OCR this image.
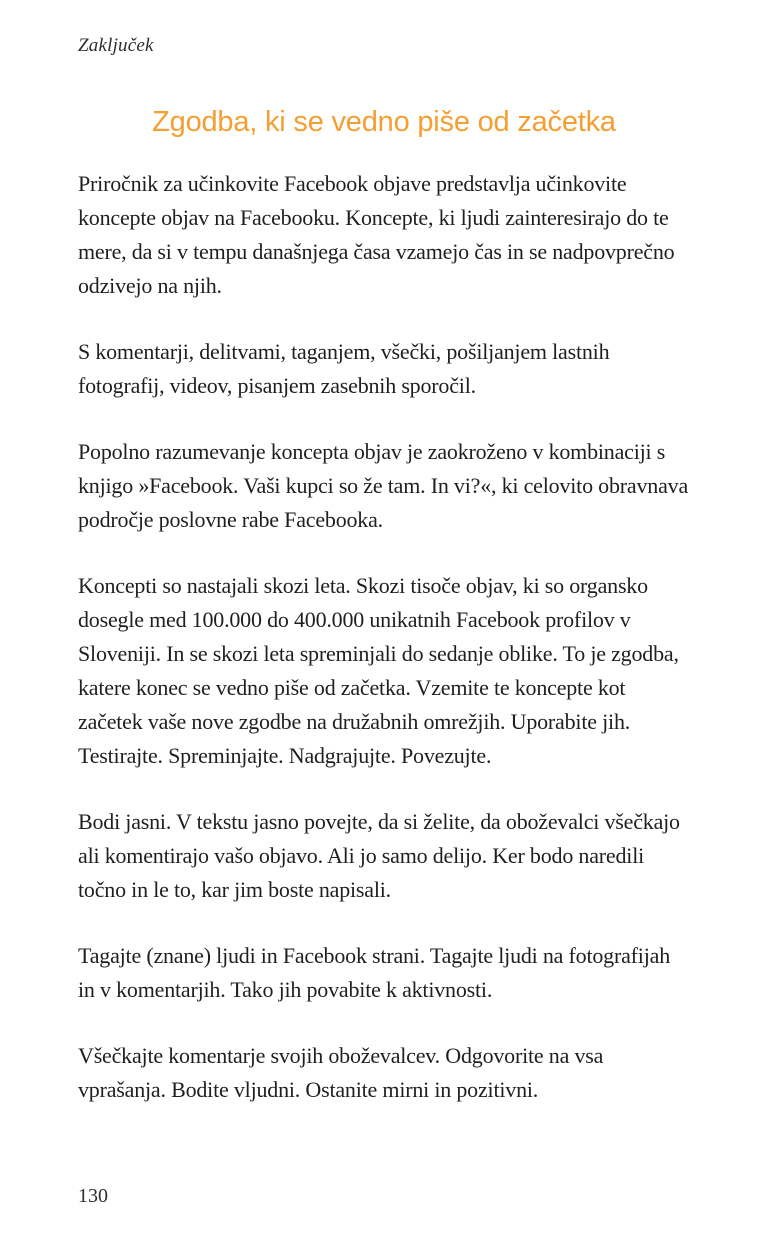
Zaključek
Zgodba, ki se vedno piše od začetka

Priročnik za učinkovite Facebook objave predstavlja učinkovite koncepte objav na Facebooku. Koncepte, ki ljudi zainteresirajo do te mere, da si v tempu današnjega časa vzamejo čas in se nadpovprečno odzivejo na njih.

S komentarji, delitvami, taganjem, všečki, pošiljanjem lastnih fotografij, videov, pisanjem zasebnih sporočil.

Popolno razumevanje koncepta objav je zaokroženo v kombinaciji s knjigo »Facebook. Vaši kupci so že tam. In vi?«, ki celovito obravnava področje poslovne rabe Facebooka.

Koncepti so nastajali skozi leta. Skozi tisoče objav, ki so organsko dosegle med 100.000 do 400.000 unikatnih Facebook profilov v Sloveniji. In se skozi leta spreminjali do sedanje oblike. To je zgodba, katere konec se vedno piše od začetka. Vzemite te koncepte kot začetek vaše nove zgodbe na družabnih omrežjih. Uporabite jih. Testirajte. Spreminjajte. Nadgrajujte. Povezujte.

Bodi jasni. V tekstu jasno povejte, da si želite, da oboževalci všečkajo ali komentirajo vašo objavo. Ali jo samo delijo. Ker bodo naredili točno in le to, kar jim boste napisali.

Tagajte (znane) ljudi in Facebook strani. Tagajte ljudi na fotografijah in v komentarjih. Tako jih povabite k aktivnosti.

Všečkajte komentarje svojih oboževalcev. Odgovorite na vsa vprašanja. Bodite vljudni. Ostanite mirni in pozitivni.

130
